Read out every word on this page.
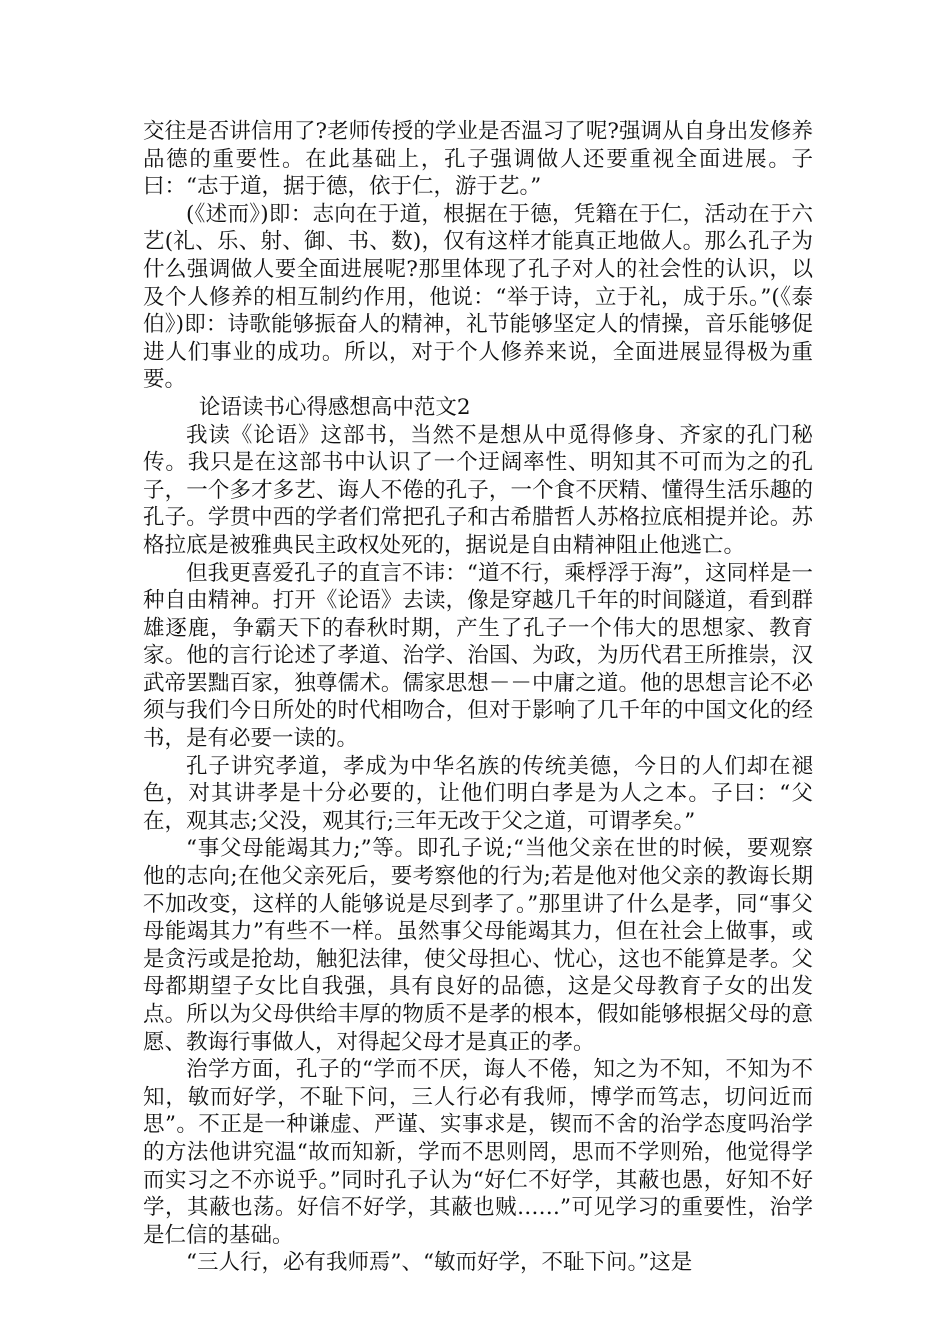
交往是否讲信用了?老师传授的学业是否温习了呢?强调从自身出发修养品德的重要性。在此基础上，孔子强调做人还要重视全面进展。子曰：“志于道，据于德，依于仁，游于艺。”

(《述而》)即：志向在于道，根据在于德，凭籍在于仁，活动在于六艺(礼、乐、射、御、书、数)，仅有这样才能真正地做人。那么孔子为什么强调做人要全面进展呢?那里体现了孔子对人的社会性的认识，以及个人修养的相互制约作用，他说：“举于诗，立于礼，成于乐。”(《泰伯》)即：诗歌能够振奋人的精神，礼节能够坚定人的情操，音乐能够促进人们事业的成功。所以，对于个人修养来说，全面进展显得极为重要。

论语读书心得感想高中范文2

我读《论语》这部书，当然不是想从中觅得修身、齐家的孔门秘传。我只是在这部书中认识了一个迂阔率性、明知其不可而为之的孔子，一个多才多艺、诲人不倦的孔子，一个食不厌精、懂得生活乐趣的孔子。学贯中西的学者们常把孔子和古希腊哲人苏格拉底相提并论。苏格拉底是被雅典民主政权处死的，据说是自由精神阻止他逃亡。

但我更喜爱孔子的直言不讳：“道不行，乘桴浮于海”，这同样是一种自由精神。打开《论语》去读，像是穿越几千年的时间隧道，看到群雄逐鹿，争霸天下的春秋时期，产生了孔子一个伟大的思想家、教育家。他的言行论述了孝道、治学、治国、为政，为历代君王所推崇，汉武帝罢黜百家，独尊儒术。儒家思想－－中庸之道。他的思想言论不必须与我们今日所处的时代相吻合，但对于影响了几千年的中国文化的经书，是有必要一读的。

孔子讲究孝道，孝成为中华名族的传统美德，今日的人们却在褪色，对其讲孝是十分必要的，让他们明白孝是为人之本。子曰：“父在，观其志;父没，观其行;三年无改于父之道，可谓孝矣。”

“事父母能竭其力;”等。即孔子说;“当他父亲在世的时候，要观察他的志向;在他父亲死后，要考察他的行为;若是他对他父亲的教诲长期不加改变，这样的人能够说是尽到孝了。”那里讲了什么是孝，同“事父母能竭其力”有些不一样。虽然事父母能竭其力，但在社会上做事，或是贪污或是抢劫，触犯法律，使父母担心、忧心，这也不能算是孝。父母都期望子女比自我强，具有良好的品德，这是父母教育子女的出发点。所以为父母供给丰厚的物质不是孝的根本，假如能够根据父母的意愿、教诲行事做人，对得起父母才是真正的孝。

治学方面，孔子的“学而不厌，诲人不倦，知之为不知，不知为不知，敏而好学，不耻下问，三人行必有我师，博学而笃志，切问近而思”。不正是一种谦虚、严谨、实事求是，锲而不舍的治学态度吗治学的方法他讲究温“故而知新，学而不思则罔，思而不学则殆，他觉得学而实习之不亦说乎。”同时孔子认为“好仁不好学，其蔽也愚，好知不好学，其蔽也荡。好信不好学，其蔽也贼……”可见学习的重要性，治学是仁信的基础。

“三人行，必有我师焉”、“敏而好学，不耻下问。”这是
